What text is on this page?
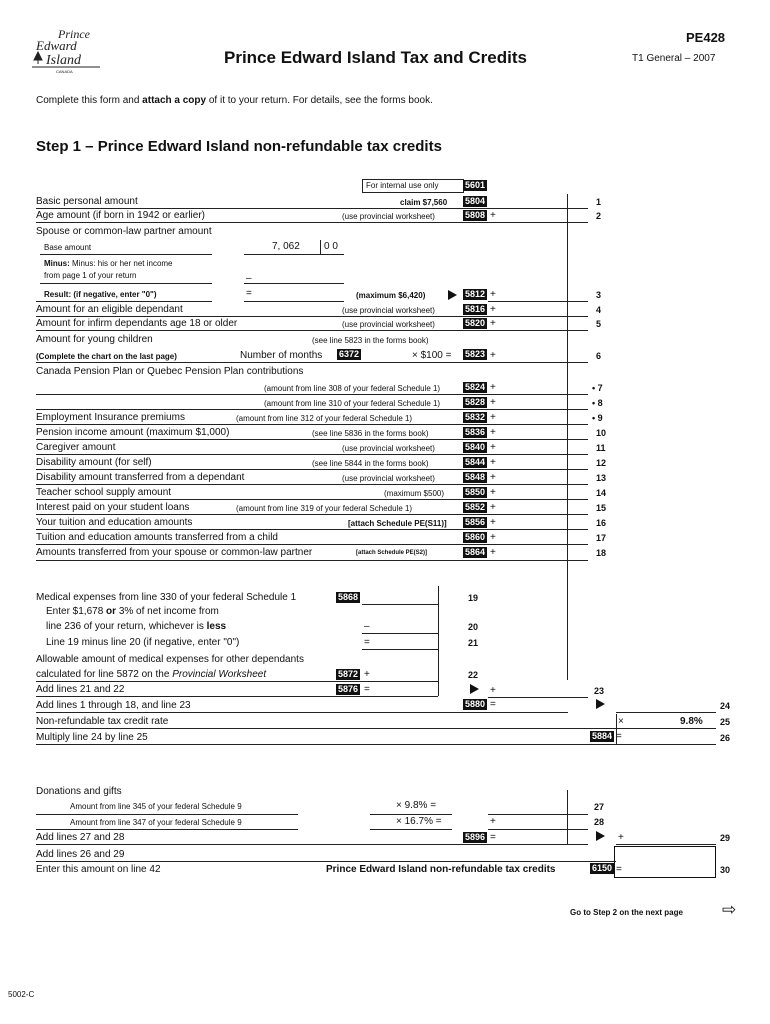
Prince
Edward
Island
CANADA
Prince Edward Island Tax and Credits
PE428
T1 General – 2007
Complete this form and attach a copy of it to your return. For details, see the forms book.
Step 1 – Prince Edward Island non-refundable tax credits
For internal use only	5601
Basic personal amount	claim $7,560 5804	1
Age amount (if born in 1942 or earlier)	(use provincial worksheet)	5808 +	2
Spouse or common-law partner amount
Base amount	7, 062 0 0
Minus: Minus: his or her net income
from page 1 of your return	–
Result: (if negative, enter "0")	=	(maximum $6,420)	5812 +	3
Amount for an eligible dependant	(use provincial worksheet)	5816 +	4
Amount for infirm dependants age 18 or older	(use provincial worksheet)	5820 +	5
Amount for young children	(see line 5823 in the forms book)
(Complete the chart on the last page)	Number of months 6372	× $100 = 5823 +	6
Canada Pension Plan or Quebec Pension Plan contributions
(amount from line 308 of your federal Schedule 1)	5824 +	• 7
(amount from line 310 of your federal Schedule 1)	5828 +	• 8
Employment Insurance premiums	(amount from line 312 of your federal Schedule 1)	5832 +	• 9
Pension income amount (maximum $1,000)	(see line 5836 in the forms book)	5836 +	10
Caregiver amount	(use provincial worksheet)	5840 +	11
Disability amount (for self)	(see line 5844 in the forms book)	5844 +	12
Disability amount transferred from a dependant	(use provincial worksheet)	5848 +	13
Teacher school supply amount	(maximum $500) 5850 +	14
Interest paid on your student loans	(amount from line 319 of your federal Schedule 1)	5852 +	15
Your tuition and education amounts	[attach Schedule PE(S11)] 5856 +	16
Tuition and education amounts transferred from a child	5860 +	17
Amounts transferred from your spouse or common-law partner	[attach Schedule PE(S2)]	5864 +	18
Medical expenses from line 330 of your federal Schedule 1	5868	19
Enter $1,678 or 3% of net income from
line 236 of your return, whichever is less	–	20
Line 19 minus line 20 (if negative, enter "0")	=	21
Allowable amount of medical expenses for other dependants
calculated for line 5872 on the Provincial Worksheet	5872 +	22
Add lines 21 and 22	5876 =	+	23
Add lines 1 through 18, and line 23	5880 =	24
Non-refundable tax credit rate	×	9.8% 25
Multiply line 24 by line 25	5884 =	26
Donations and gifts
Amount from line 345 of your federal Schedule 9	× 9.8% =	27
Amount from line 347 of your federal Schedule 9	× 16.7% =	+	28
Add lines 27 and 28	5896 =	+	29
Add lines 26 and 29
Enter this amount on line 42	Prince Edward Island non-refundable tax credits	6150 =	30
Go to Step 2 on the next page ⇨
5002-C
